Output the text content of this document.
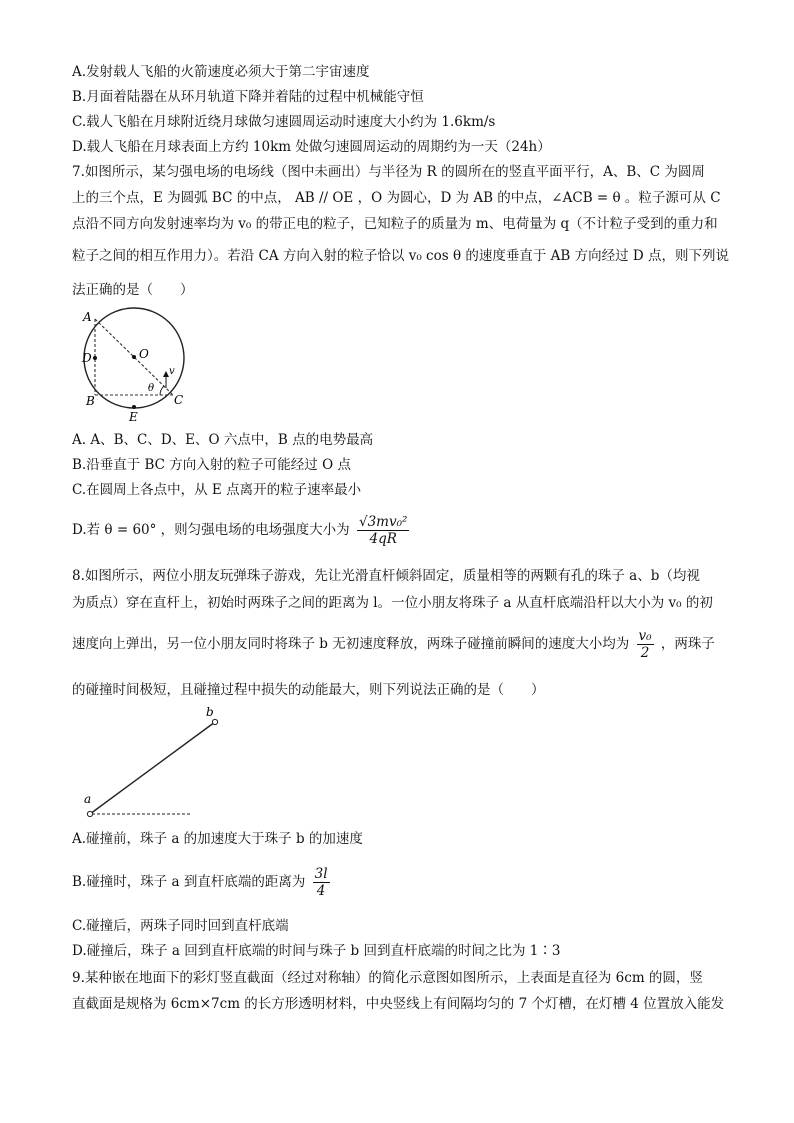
A.发射载人飞船的火箭速度必须大于第二宇宙速度
B.月面着陆器在从环月轨道下降并着陆的过程中机械能守恒
C.载人飞船在月球附近绕月球做匀速圆周运动时速度大小约为 1.6km/s
D.载人飞船在月球表面上方约 10km 处做匀速圆周运动的周期约为一天（24h）
7.如图所示，某匀强电场的电场线（图中未画出）与半径为 R 的圆所在的竖直平面平行，A、B、C 为圆周
上的三个点，E 为圆弧 BC 的中点， AB // OE ，O 为圆心，D 为 AB 的中点，∠ACB = θ 。粒子源可从 C
点沿不同方向发射速率均为 v₀ 的带正电的粒子，已知粒子的质量为 m、电荷量为 q（不计粒子受到的重力和
粒子之间的相互作用力）。若沿 CA 方向入射的粒子恰以 v₀ cos θ 的速度垂直于 AB 方向经过 D 点，则下列说
法正确的是（　　）
A
D	O
B
E
C
θ
v
A. A、B、C、D、E、O 六点中，B 点的电势最高
B.沿垂直于 BC 方向入射的粒子可能经过 O 点
C.在圆周上各点中，从 E 点离开的粒子速率最小
D.若 θ = 60° ，则匀强电场的电场强度大小为 $\frac{\text{√3mv₀²}}{4qR}$
8.如图所示，两位小朋友玩弹珠子游戏，先让光滑直杆倾斜固定，质量相等的两颗有孔的珠子 a、b（均视
为质点）穿在直杆上，初始时两珠子之间的距离为 l。一位小朋友将珠子 a 从直杆底端沿杆以大小为 v₀ 的初
速度向上弹出，另一位小朋友同时将珠子 b 无初速度释放，两珠子碰撞前瞬间的速度大小均为 $\frac{\text{v₀}}{2}$ ，两珠子
的碰撞时间极短，且碰撞过程中损失的动能最大，则下列说法正确的是（　　）
a
b
A.碰撞前，珠子 a 的加速度大于珠子 b 的加速度
B.碰撞时，珠子 a 到直杆底端的距离为 $\frac{3l}{4}$
C.碰撞后，两珠子同时回到直杆底端
D.碰撞后，珠子 a 回到直杆底端的时间与珠子 b 回到直杆底端的时间之比为 1∶3
9.某种嵌在地面下的彩灯竖直截面（经过对称轴）的简化示意图如图所示，上表面是直径为 6cm 的圆，竖
直截面是规格为 6cm×7cm 的长方形透明材料，中央竖线上有间隔均匀的 7 个灯槽，在灯槽 4 位置放入能发
